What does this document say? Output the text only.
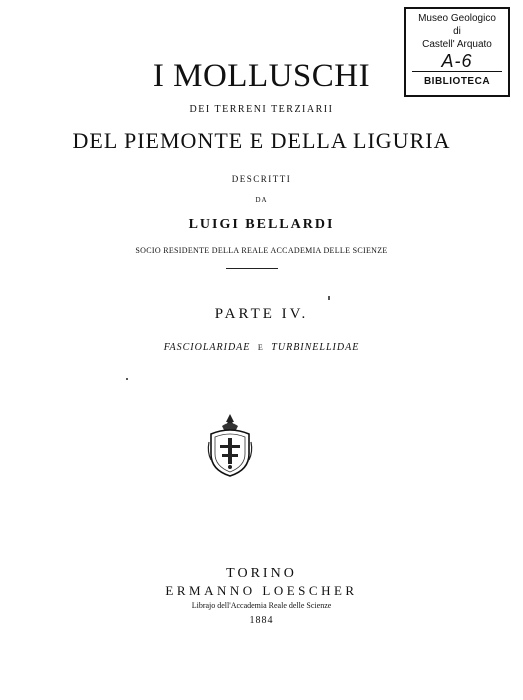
Museo Geologico
di
Castell' Arquato
A-6
BIBLIOTECA
I MOLLUSCHI
DEI TERRENI TERZIARII
DEL PIEMONTE E DELLA LIGURIA
DESCRITTI
DA
LUIGI BELLARDI
SOCIO RESIDENTE DELLA REALE ACCADEMIA DELLE SCIENZE
PARTE IV.
FASCIOLARIDAE E TURBINELLIDAE
TORINO
ERMANNO LOESCHER
Librajo dell'Accademia Reale delle Scienze
1884
